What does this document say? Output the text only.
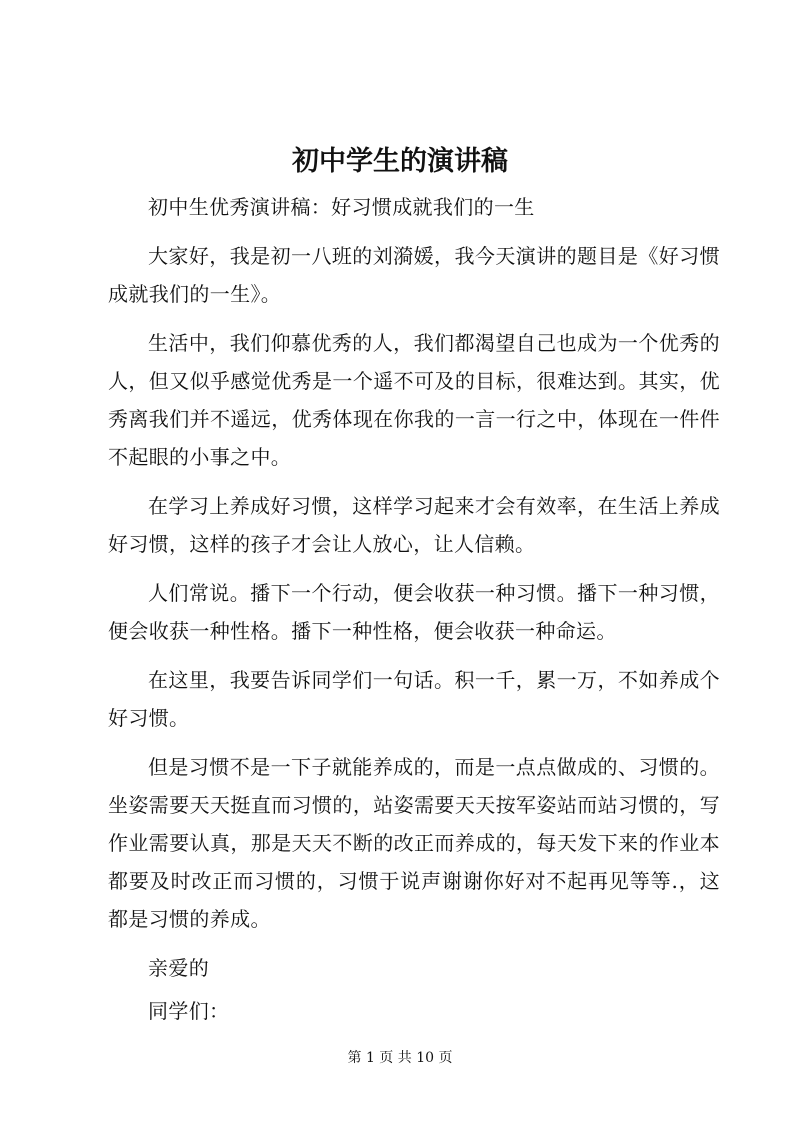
初中学生的演讲稿

初中生优秀演讲稿：好习惯成就我们的一生

大家好，我是初一八班的刘漪媛，我今天演讲的题目是《好习惯成就我们的一生》。

生活中，我们仰慕优秀的人，我们都渴望自己也成为一个优秀的人，但又似乎感觉优秀是一个遥不可及的目标，很难达到。其实，优秀离我们并不遥远，优秀体现在你我的一言一行之中，体现在一件件不起眼的小事之中。

在学习上养成好习惯，这样学习起来才会有效率，在生活上养成好习惯，这样的孩子才会让人放心，让人信赖。

人们常说。播下一个行动，便会收获一种习惯。播下一种习惯，便会收获一种性格。播下一种性格，便会收获一种命运。

在这里，我要告诉同学们一句话。积一千，累一万，不如养成个好习惯。

但是习惯不是一下子就能养成的，而是一点点做成的、习惯的。坐姿需要天天挺直而习惯的，站姿需要天天按军姿站而站习惯的，写作业需要认真，那是天天不断的改正而养成的，每天发下来的作业本都要及时改正而习惯的，习惯于说声谢谢你好对不起再见等等.，这都是习惯的养成。

亲爱的

同学们：

第 1 页 共 10 页
